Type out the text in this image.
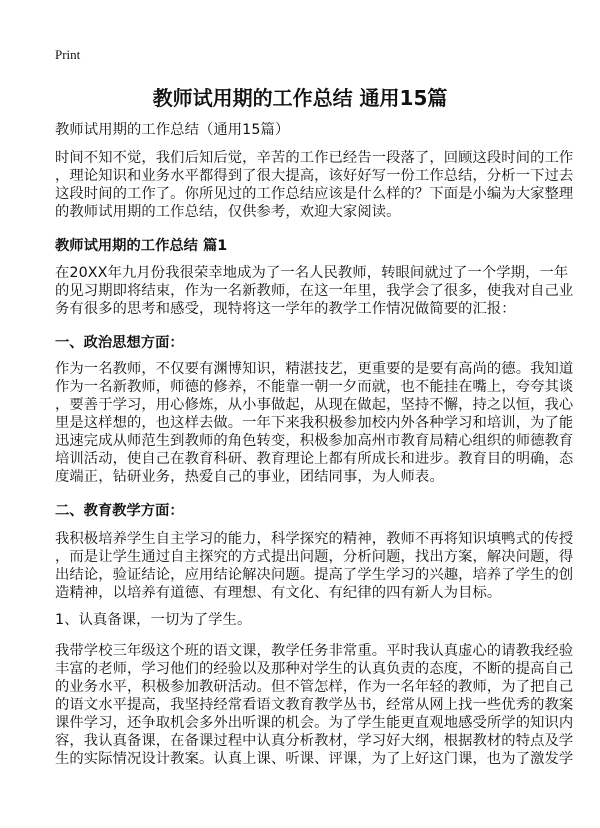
Print
教师试用期的工作总结 通用15篇
教师试用期的工作总结（通用15篇）
时间不知不觉，我们后知后觉，辛苦的工作已经告一段落了，回顾这段时间的工作
，理论知识和业务水平都得到了很大提高，该好好写一份工作总结，分析一下过去
这段时间的工作了。你所见过的工作总结应该是什么样的？下面是小编为大家整理
的教师试用期的工作总结，仅供参考，欢迎大家阅读。
教师试用期的工作总结 篇1
在20XX年九月份我很荣幸地成为了一名人民教师，转眼间就过了一个学期，一年
的见习期即将结束，作为一名新教师，在这一年里，我学会了很多，使我对自己业
务有很多的思考和感受，现特将这一学年的教学工作情况做简要的汇报：
一、政治思想方面：
作为一名教师，不仅要有渊博知识，精湛技艺，更重要的是要有高尚的德。我知道
作为一名新教师，师德的修养，不能靠一朝一夕而就，也不能挂在嘴上，夸夸其谈
，要善于学习，用心修炼，从小事做起，从现在做起，坚持不懈，持之以恒，我心
里是这样想的，也这样去做。一年下来我积极参加校内外各种学习和培训，为了能
迅速完成从师范生到教师的角色转变，积极参加高州市教育局精心组织的师德教育
培训活动，使自己在教育科研、教育理论上都有所成长和进步。教育目的明确，态
度端正，钻研业务，热爱自己的事业，团结同事，为人师表。
二、教育教学方面：
我积极培养学生自主学习的能力，科学探究的精神，教师不再将知识填鸭式的传授
，而是让学生通过自主探究的方式提出问题，分析问题，找出方案，解决问题，得
出结论，验证结论，应用结论解决问题。提高了学生学习的兴趣，培养了学生的创
造精神，以培养有道德、有理想、有文化、有纪律的四有新人为目标。
1、认真备课，一切为了学生。
我带学校三年级这个班的语文课，教学任务非常重。平时我认真虚心的请教我经验
丰富的老师，学习他们的经验以及那种对学生的认真负责的态度，不断的提高自己
的业务水平，积极参加教研活动。但不管怎样，作为一名年轻的教师，为了把自己
的语文水平提高，我坚持经常看语文教育教学丛书，经常从网上找一些优秀的教案
课件学习，还争取机会多外出听课的机会。为了学生能更直观地感受所学的知识内
容，我认真备课，在备课过程中认真分析教材，学习好大纲，根据教材的特点及学
生的实际情况设计教案。认真上课、听课、评课，为了上好这门课，也为了激发学
